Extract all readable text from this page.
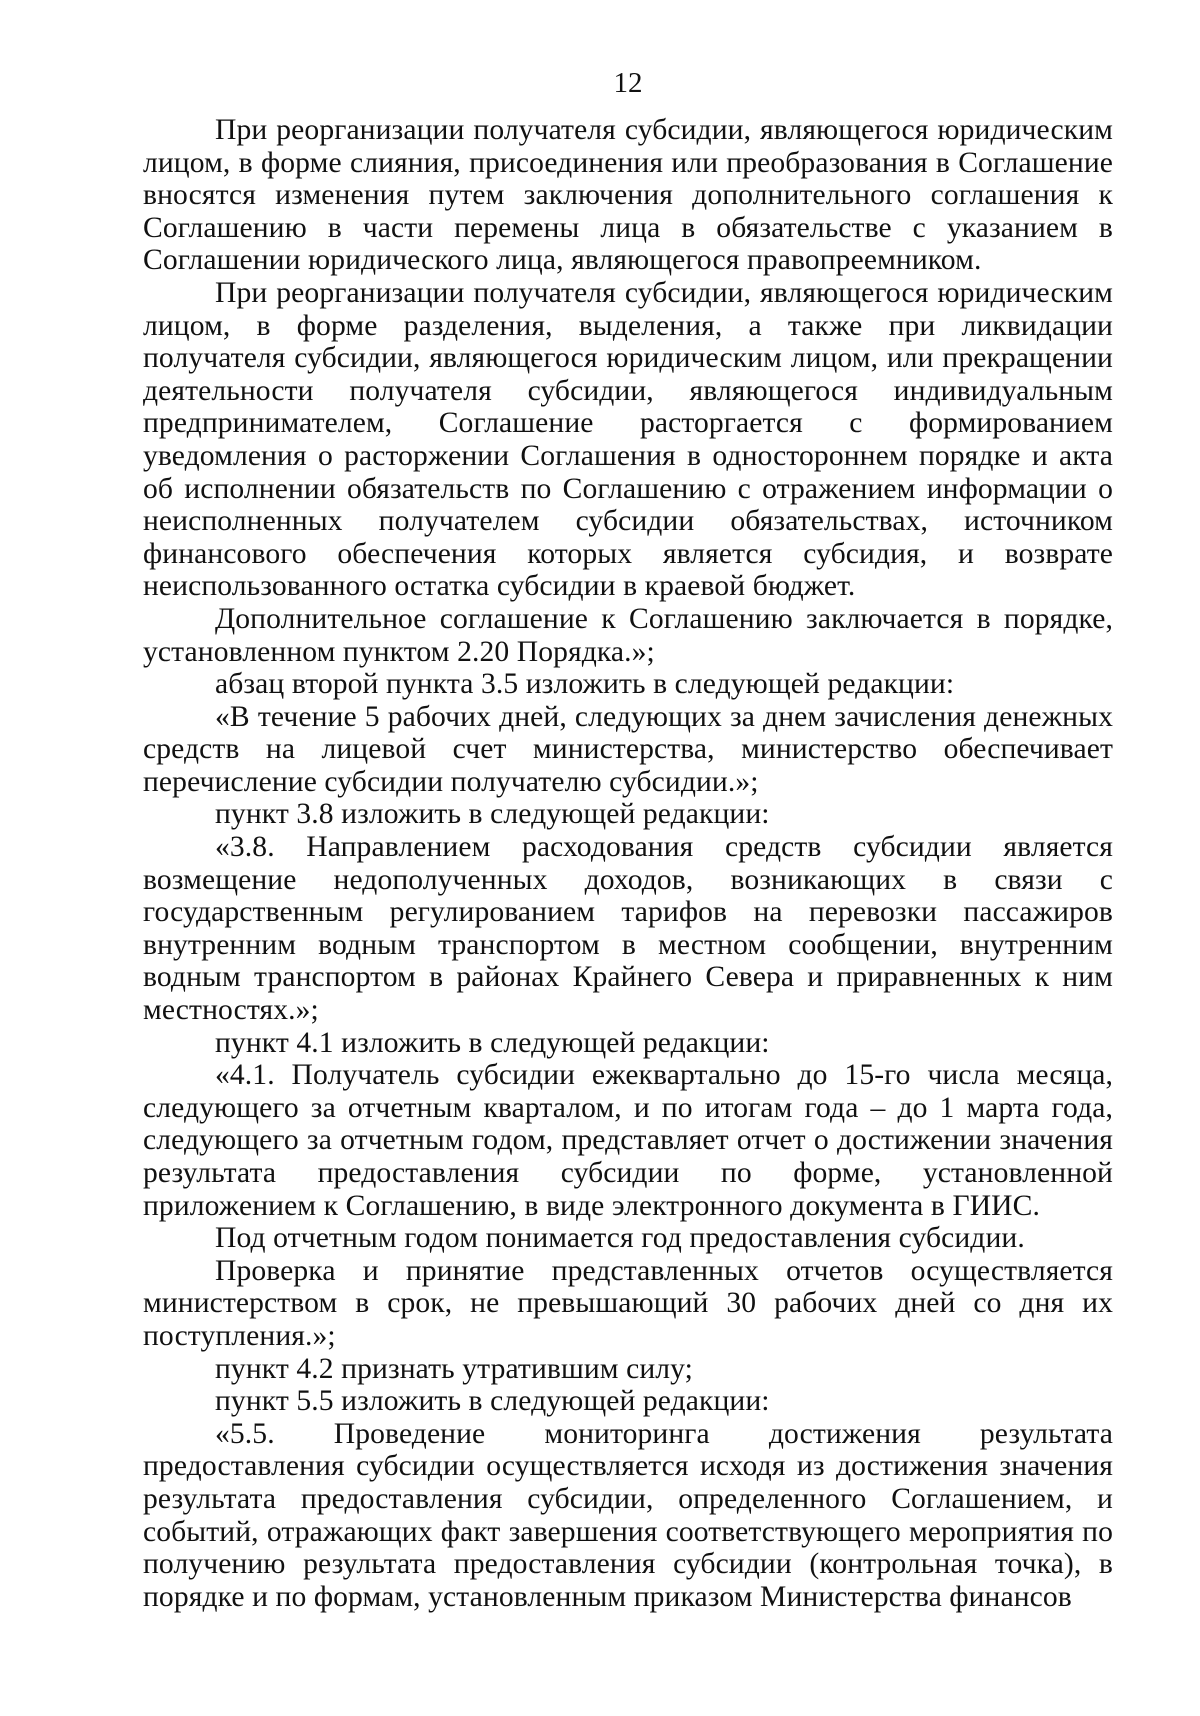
12

При реорганизации получателя субсидии, являющегося юридическим лицом, в форме слияния, присоединения или преобразования в Соглашение вносятся изменения путем заключения дополнительного соглашения к Соглашению в части перемены лица в обязательстве с указанием в Соглашении юридического лица, являющегося правопреемником.

При реорганизации получателя субсидии, являющегося юридическим лицом, в форме разделения, выделения, а также при ликвидации получателя субсидии, являющегося юридическим лицом, или прекращении деятельности получателя субсидии, являющегося индивидуальным предпринимателем, Соглашение расторгается с формированием уведомления о расторжении Соглашения в одностороннем порядке и акта об исполнении обязательств по Соглашению с отражением информации о неисполненных получателем субсидии обязательствах, источником финансового обеспечения которых является субсидия, и возврате неиспользованного остатка субсидии в краевой бюджет.

Дополнительное соглашение к Соглашению заключается в порядке, установленном пунктом 2.20 Порядка.»;

абзац второй пункта 3.5 изложить в следующей редакции:

«В течение 5 рабочих дней, следующих за днем зачисления денежных средств на лицевой счет министерства, министерство обеспечивает перечисление субсидии получателю субсидии.»;

пункт 3.8 изложить в следующей редакции:

«3.8. Направлением расходования средств субсидии является возмещение недополученных доходов, возникающих в связи с государственным регулированием тарифов на перевозки пассажиров внутренним водным транспортом в местном сообщении, внутренним водным транспортом в районах Крайнего Севера и приравненных к ним местностях.»;

пункт 4.1 изложить в следующей редакции:

«4.1. Получатель субсидии ежеквартально до 15-го числа месяца, следующего за отчетным кварталом, и по итогам года – до 1 марта года, следующего за отчетным годом, представляет отчет о достижении значения результата предоставления субсидии по форме, установленной приложением к Соглашению, в виде электронного документа в ГИИС.

Под отчетным годом понимается год предоставления субсидии.

Проверка и принятие представленных отчетов осуществляется министерством в срок, не превышающий 30 рабочих дней со дня их поступления.»;

пункт 4.2 признать утратившим силу;

пункт 5.5 изложить в следующей редакции:

«5.5. Проведение мониторинга достижения результата предоставления субсидии осуществляется исходя из достижения значения результата предоставления субсидии, определенного Соглашением, и событий, отражающих факт завершения соответствующего мероприятия по получению результата предоставления субсидии (контрольная точка), в порядке и по формам, установленным приказом Министерства финансов
